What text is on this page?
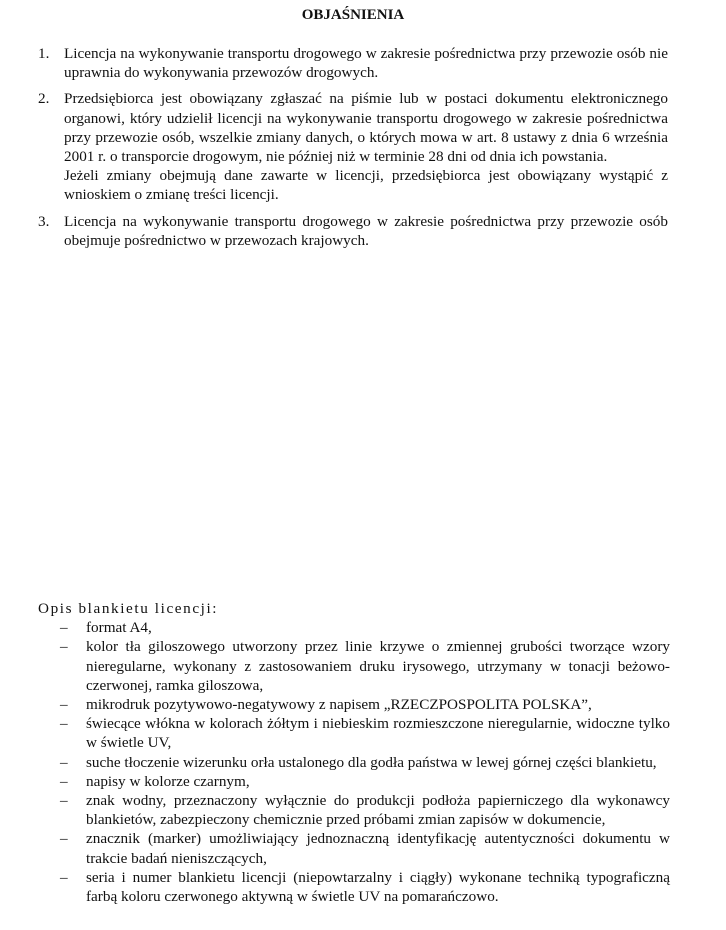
OBJAŚNIENIA
1. Licencja na wykonywanie transportu drogowego w zakresie pośrednictwa przy przewozie osób nie uprawnia do wykonywania przewozów drogowych.
2. Przedsiębiorca jest obowiązany zgłaszać na piśmie lub w postaci dokumentu elektronicznego organowi, który udzielił licencji na wykonywanie transportu drogowego w zakresie pośrednictwa przy przewozie osób, wszelkie zmiany danych, o których mowa w art. 8 ustawy z dnia 6 września 2001 r. o transporcie drogowym, nie później niż w terminie 28 dni od dnia ich powstania.
Jeżeli zmiany obejmują dane zawarte w licencji, przedsiębiorca jest obowiązany wystąpić z wnioskiem o zmianę treści licencji.
3. Licencja na wykonywanie transportu drogowego w zakresie pośrednictwa przy przewozie osób obejmuje pośrednictwo w przewozach krajowych.
Opis blankietu licencji:
– format A4,
– kolor tła giloszowego utworzony przez linie krzywe o zmiennej grubości tworzące wzory nieregularne, wykonany z zastosowaniem druku irysowego, utrzymany w tonacji beżowo-czerwonej, ramka giloszowa,
– mikrodruk pozytywowo-negatywowy z napisem „RZECZPOSPOLITA POLSKA”,
– świecące włókna w kolorach żółtym i niebieskim rozmieszczone nieregularnie, widoczne tylko w świetle UV,
– suche tłoczenie wizerunku orła ustalonego dla godła państwa w lewej górnej części blankietu,
– napisy w kolorze czarnym,
– znak wodny, przeznaczony wyłącznie do produkcji podłoża papierniczego dla wykonawcy blankietów, zabezpieczony chemicznie przed próbami zmian zapisów w dokumencie,
– znacznik (marker) umożliwiający jednoznaczną identyfikację autentyczności dokumentu w trakcie badań nieniszczących,
– seria i numer blankietu licencji (niepowtarzalny i ciągły) wykonane techniką typograficzną farbą koloru czerwonego aktywną w świetle UV na pomarańczowo.
